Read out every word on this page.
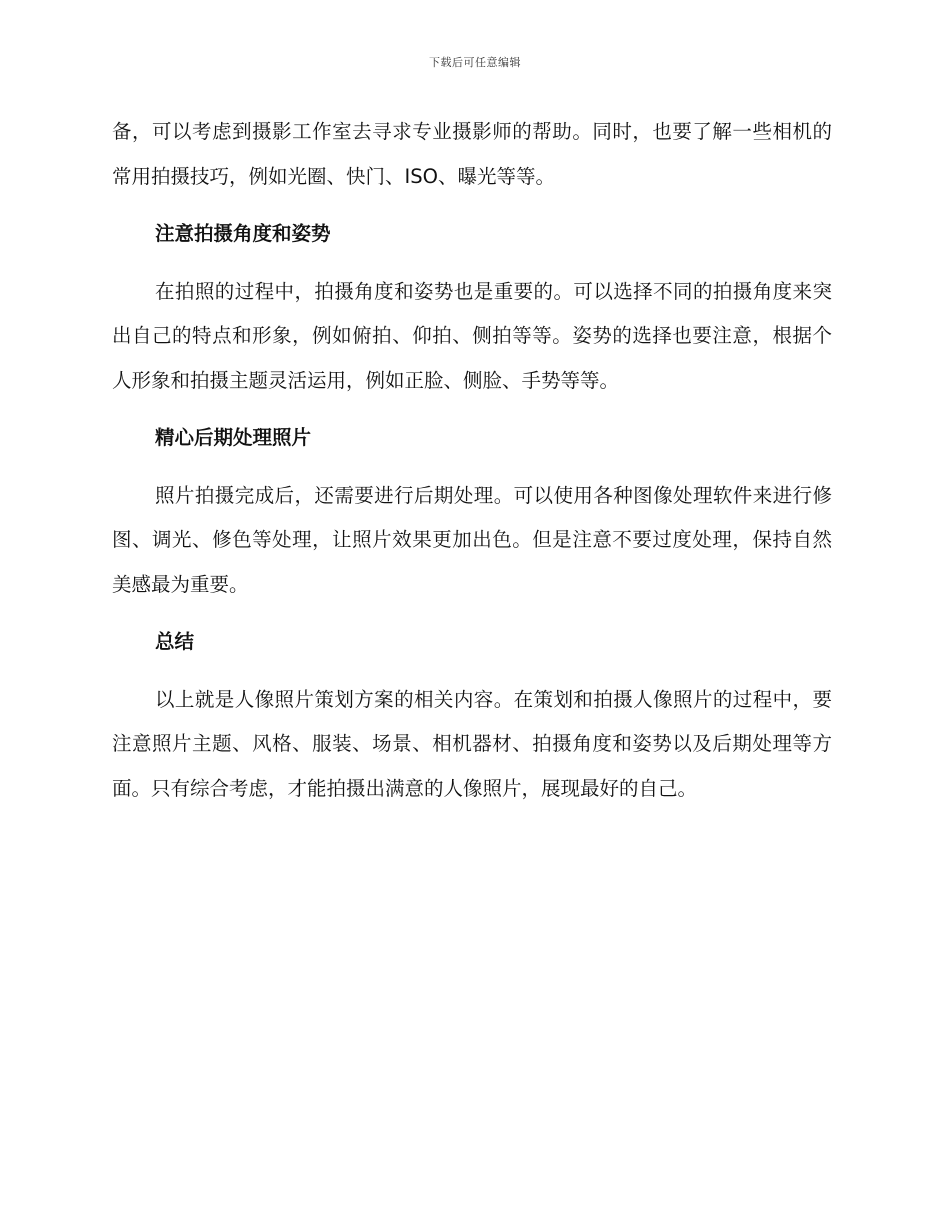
下载后可任意编辑

备，可以考虑到摄影工作室去寻求专业摄影师的帮助。同时，也要了解一些相机的常用拍摄技巧，例如光圈、快门、ISO、曝光等等。

注意拍摄角度和姿势

在拍照的过程中，拍摄角度和姿势也是重要的。可以选择不同的拍摄角度来突出自己的特点和形象，例如俯拍、仰拍、侧拍等等。姿势的选择也要注意，根据个人形象和拍摄主题灵活运用，例如正脸、侧脸、手势等等。

精心后期处理照片

照片拍摄完成后，还需要进行后期处理。可以使用各种图像处理软件来进行修图、调光、修色等处理，让照片效果更加出色。但是注意不要过度处理，保持自然美感最为重要。

总结

以上就是人像照片策划方案的相关内容。在策划和拍摄人像照片的过程中，要注意照片主题、风格、服装、场景、相机器材、拍摄角度和姿势以及后期处理等方面。只有综合考虑，才能拍摄出满意的人像照片，展现最好的自己。
